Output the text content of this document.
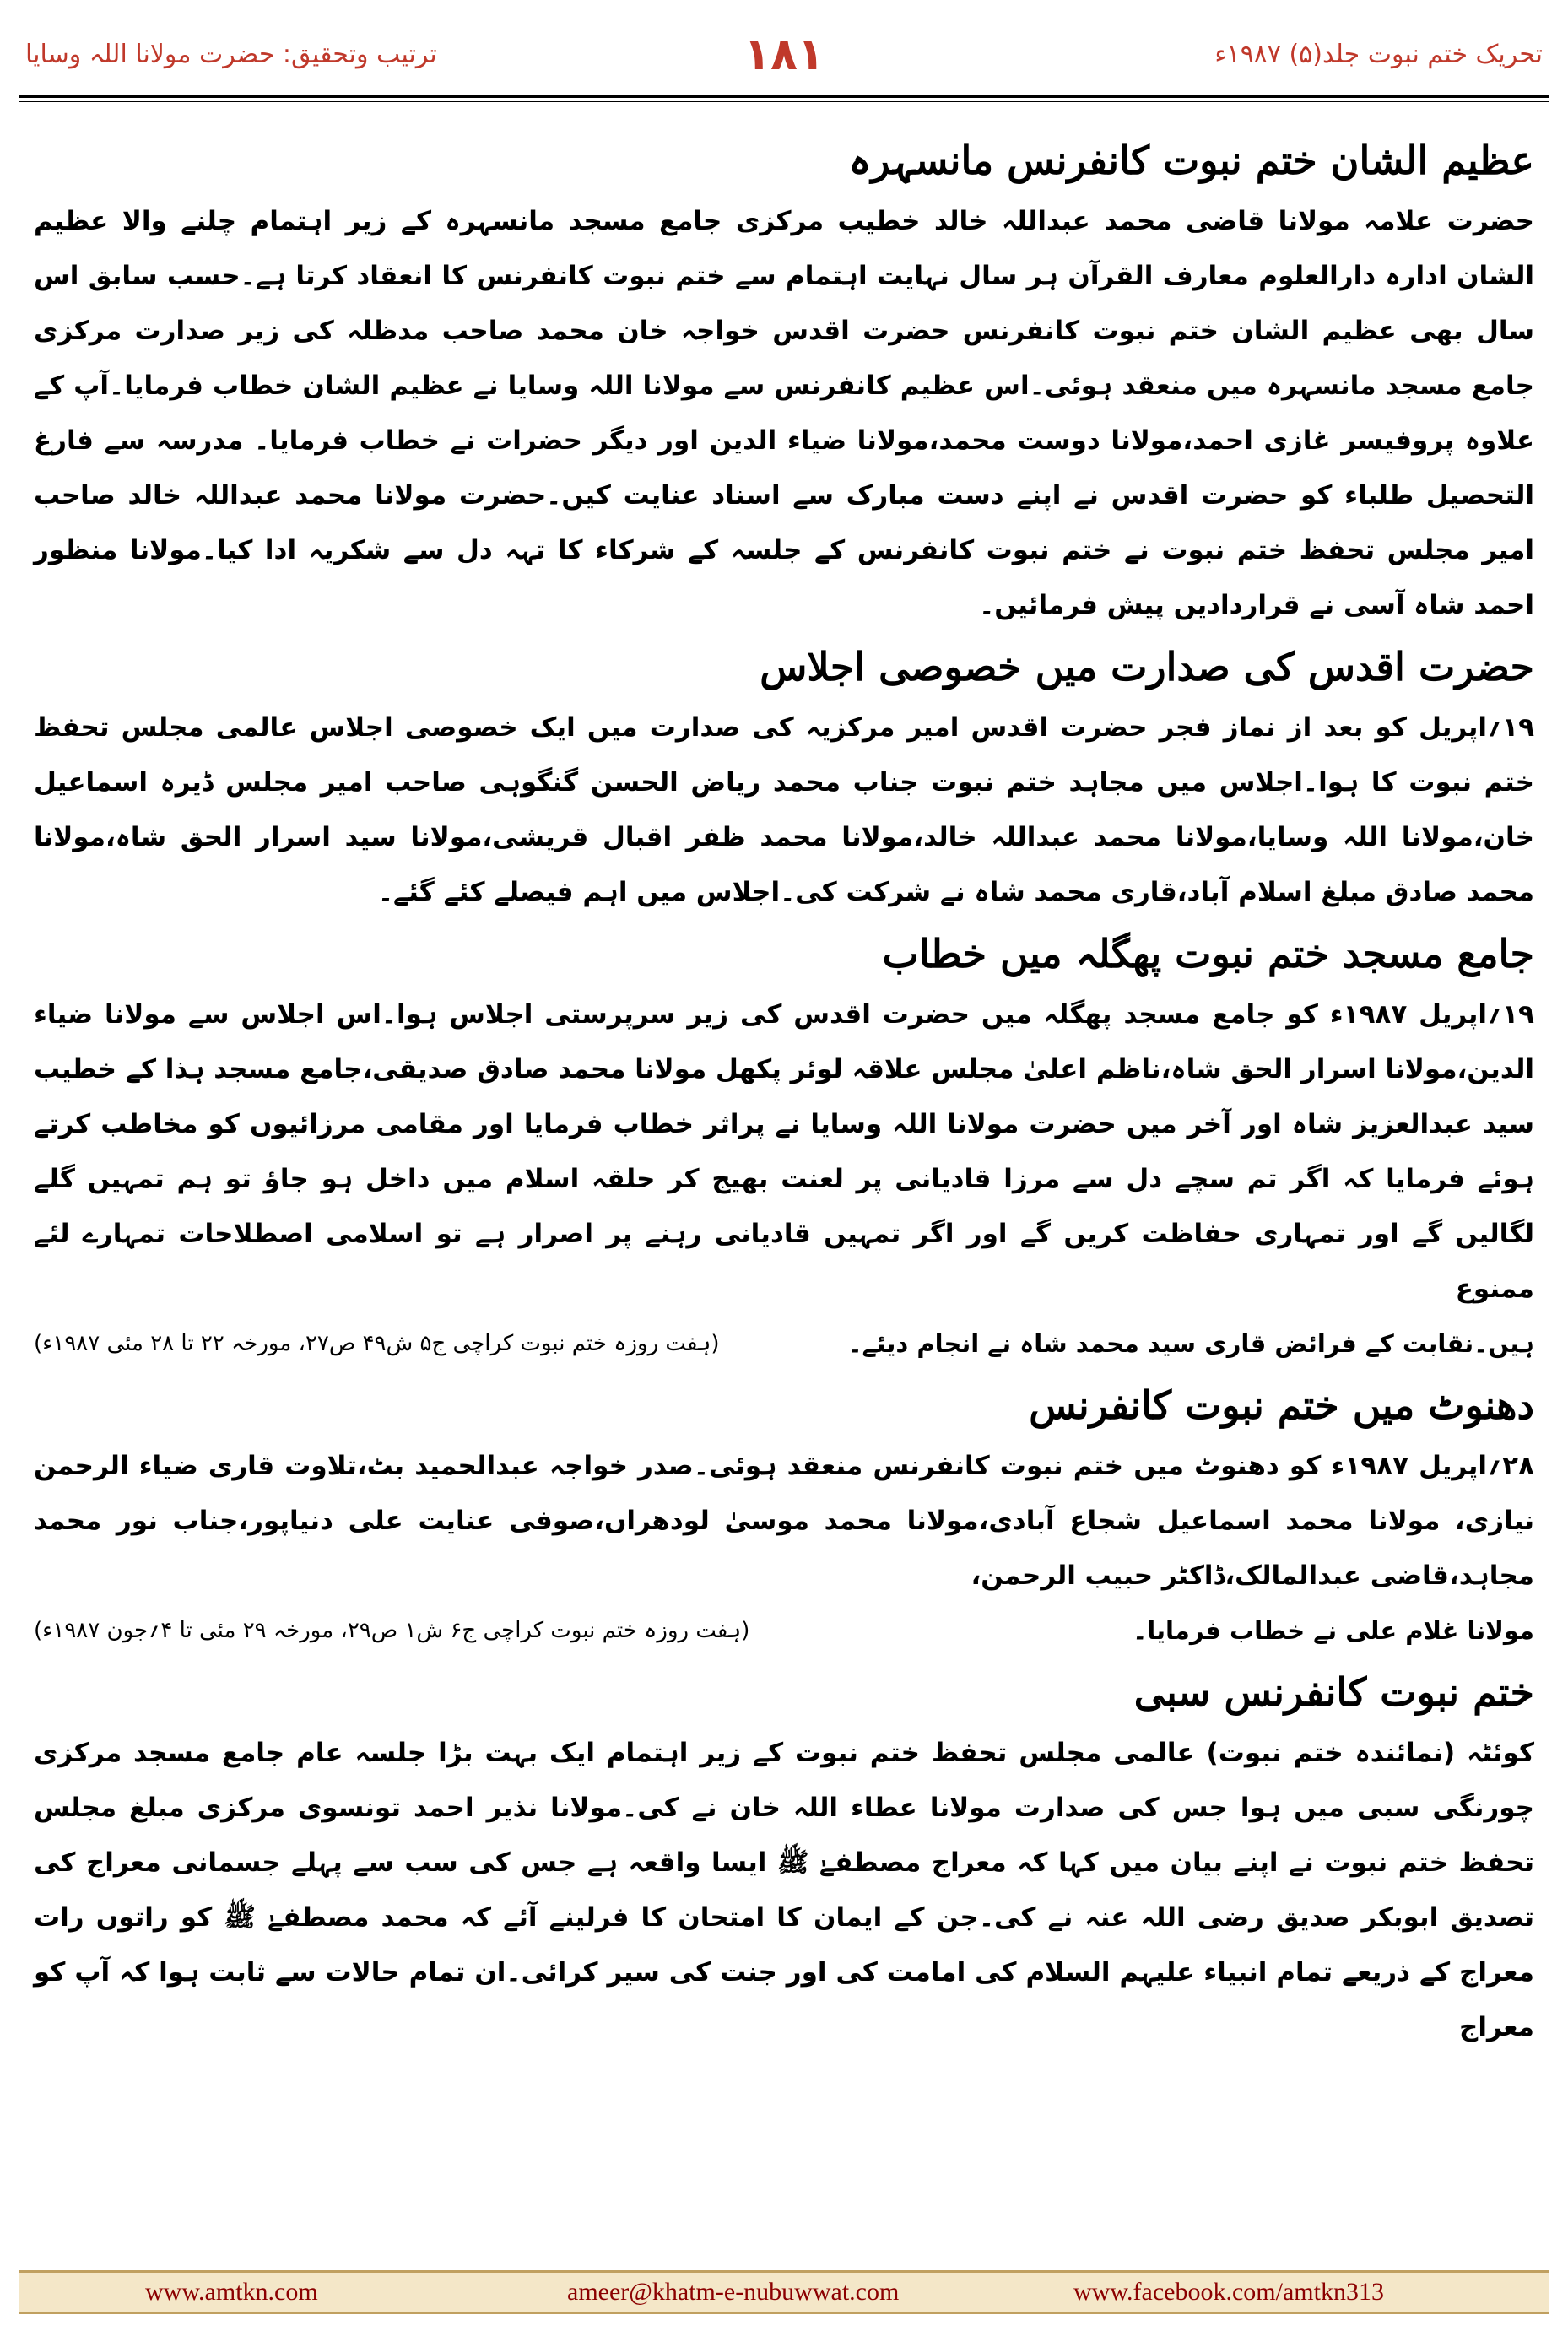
ترتیب وتحقیق: حضرت مولانا اللہ وسایا	۱۸۱	تحریک ختم نبوت جلد(۵) ۱۹۸۷ء
عظیم الشان ختم نبوت کانفرنس مانسہرہ
حضرت علامہ مولانا قاضی محمد عبداللہ خالد خطیب مرکزی جامع مسجد مانسہرہ کے زیر اہتمام چلنے والا عظیم الشان ادارہ دارالعلوم معارف القرآن ہر سال نہایت اہتمام سے ختم نبوت کانفرنس کا انعقاد کرتا ہے۔حسب سابق اس سال بھی عظیم الشان ختم نبوت کانفرنس حضرت اقدس خواجہ خان محمد صاحب مدظلہ کی زیر صدارت مرکزی جامع مسجد مانسہرہ میں منعقد ہوئی۔اس عظیم کانفرنس سے مولانا اللہ وسایا نے عظیم الشان خطاب فرمایا۔آپ کے علاوہ پروفیسر غازی احمد،مولانا دوست محمد،مولانا ضیاء الدین اور دیگر حضرات نے خطاب فرمایا۔ مدرسہ سے فارغ التحصیل طلباء کو حضرت اقدس نے اپنے دست مبارک سے اسناد عنایت کیں۔حضرت مولانا محمد عبداللہ خالد صاحب امیر مجلس تحفظ ختم نبوت نے ختم نبوت کانفرنس کے جلسہ کے شرکاء کا تہہ دل سے شکریہ ادا کیا۔مولانا منظور احمد شاہ آسی نے قراردادیں پیش فرمائیں۔
حضرت اقدس کی صدارت میں خصوصی اجلاس
۱۹؍اپریل کو بعد از نماز فجر حضرت اقدس امیر مرکزیہ کی صدارت میں ایک خصوصی اجلاس عالمی مجلس تحفظ ختم نبوت کا ہوا۔اجلاس میں مجاہد ختم نبوت جناب محمد ریاض الحسن گنگوہی صاحب امیر مجلس ڈیرہ اسماعیل خان،مولانا اللہ وسایا،مولانا محمد عبداللہ خالد،مولانا محمد ظفر اقبال قریشی،مولانا سید اسرار الحق شاہ،مولانا محمد صادق مبلغ اسلام آباد،قاری محمد شاہ نے شرکت کی۔اجلاس میں اہم فیصلے کئے گئے۔
جامع مسجد ختم نبوت پھگلہ میں خطاب
۱۹؍اپریل ۱۹۸۷ء کو جامع مسجد پھگلہ میں حضرت اقدس کی زیر سرپرستی اجلاس ہوا۔اس اجلاس سے مولانا ضیاء الدین،مولانا اسرار الحق شاہ،ناظم اعلیٰ مجلس علاقہ لوئر پکھل مولانا محمد صادق صدیقی،جامع مسجد ہذا کے خطیب سید عبدالعزیز شاہ اور آخر میں حضرت مولانا اللہ وسایا نے پراثر خطاب فرمایا اور مقامی مرزائیوں کو مخاطب کرتے ہوئے فرمایا کہ اگر تم سچے دل سے مرزا قادیانی پر لعنت بھیج کر حلقہ اسلام میں داخل ہو جاؤ تو ہم تمہیں گلے لگالیں گے اور تمہاری حفاظت کریں گے اور اگر تمہیں قادیانی رہنے پر اصرار ہے تو اسلامی اصطلاحات تمہارے لئے ممنوع
ہیں۔نقابت کے فرائض قاری سید محمد شاہ نے انجام دیئے۔
(ہفت روزہ ختم نبوت کراچی ج۵ ش۴۹ ص۲۷، مورخہ ۲۲ تا ۲۸ مئی ۱۹۸۷ء)
دھنوٹ میں ختم نبوت کانفرنس
۲۸؍اپریل ۱۹۸۷ء کو دھنوٹ میں ختم نبوت کانفرنس منعقد ہوئی۔صدر خواجہ عبدالحمید بٹ،تلاوت قاری ضیاء الرحمن نیازی، مولانا محمد اسماعیل شجاع آبادی،مولانا محمد موسیٰ لودھراں،صوفی عنایت علی دنیاپور،جناب نور محمد مجاہد،قاضی عبدالمالک،ڈاکٹر حبیب الرحمن،
مولانا غلام علی نے خطاب فرمایا۔
(ہفت روزہ ختم نبوت کراچی ج۶ ش۱ ص۲۹، مورخہ ۲۹ مئی تا ۴؍جون ۱۹۸۷ء)
ختم نبوت کانفرنس سبی
کوئٹہ (نمائندہ ختم نبوت) عالمی مجلس تحفظ ختم نبوت کے زیر اہتمام ایک بہت بڑا جلسہ عام جامع مسجد مرکزی چورنگی سبی میں ہوا جس کی صدارت مولانا عطاء اللہ خان نے کی۔مولانا نذیر احمد تونسوی مرکزی مبلغ مجلس تحفظ ختم نبوت نے اپنے بیان میں کہا کہ معراج مصطفےٰ ﷺ ایسا واقعہ ہے جس کی سب سے پہلے جسمانی معراج کی تصدیق ابوبکر صدیق رضی اللہ عنہ نے کی۔جن کے ایمان کا امتحان کا فرلینے آئے کہ محمد مصطفےٰ ﷺ کو راتوں رات معراج کے ذریعے تمام انبیاء علیہم السلام کی امامت کی اور جنت کی سیر کرائی۔ان تمام حالات سے ثابت ہوا کہ آپ کو معراج
www.amtkn.com	ameer@khatm-e-nubuwwat.com	www.facebook.com/amtkn313
